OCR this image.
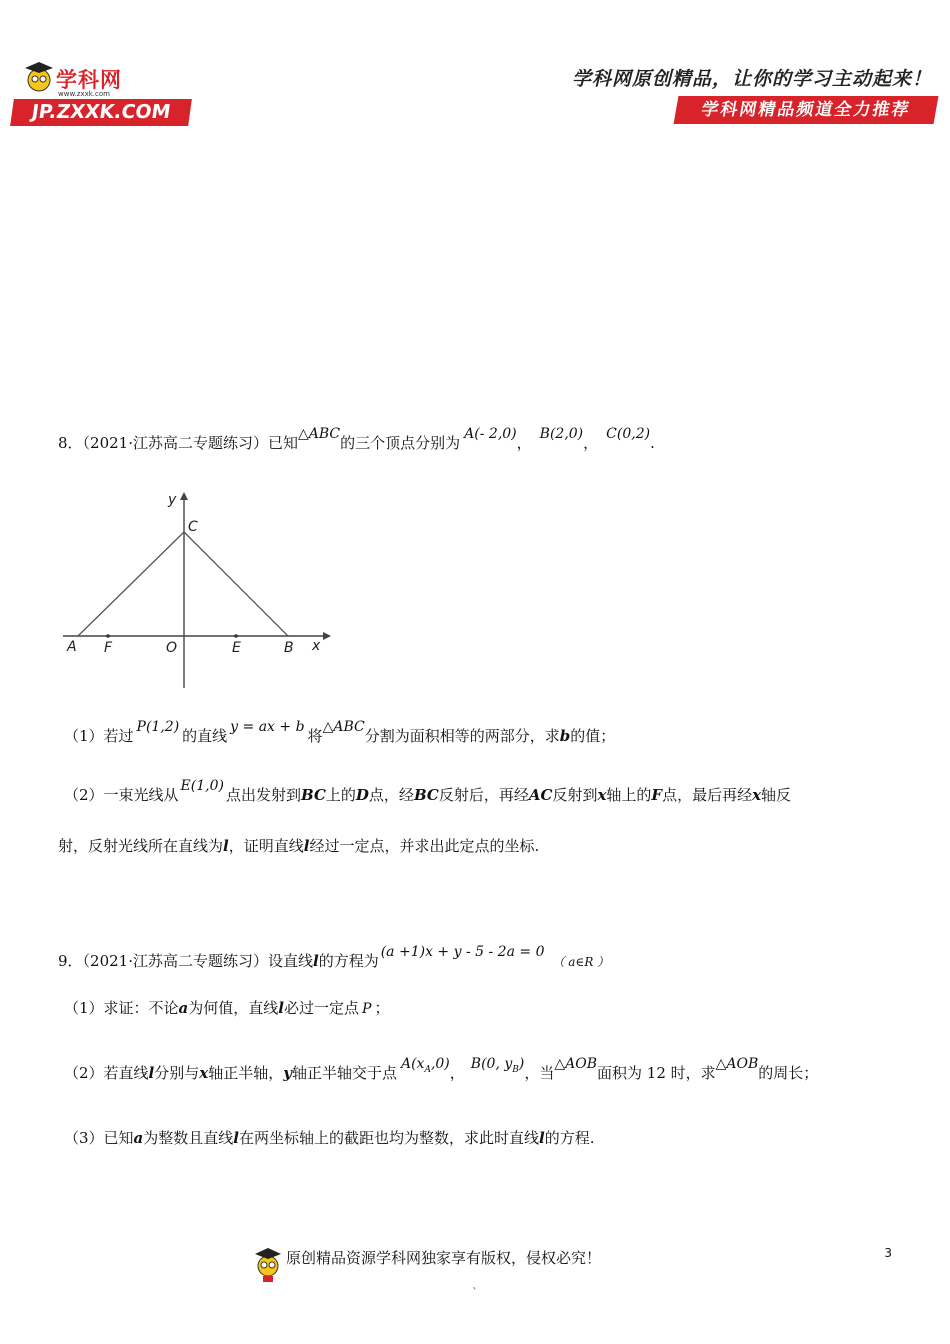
学科网
www.zxxk.com
JP.ZXXK.COM
学科网原创精品，让你的学习主动起来！
学科网精品频道全力推荐
8．（2021·江苏高二专题练习）已知△ABC的三个顶点分别为 A(- 2,0)， B(2,0)， C(0,2).
y
C
A F	O	E	B x
（1）若过 P(1,2) 的直线 y = ax + b 将△ABC分割为面积相等的两部分，求b的值；
（2）一束光线从 E(1,0) 点出发射到BC上的D点，经BC反射后，再经AC反射到x轴上的F点，最后再经x轴反
射，反射光线所在直线为l，证明直线l经过一定点，并求出此定点的坐标.
9．（2021·江苏高二专题练习）设直线l的方程为 (a +1)x + y - 5 - 2a = 0（ a∈R ）
（1）求证：不论a为何值，直线l必过一定点 P ；
（2）若直线l分别与x轴正半轴，y轴正半轴交于点 $A(x_A,0)$， B(0, $y_B$)，当△AOB面积为 12 时，求△AOB的周长；
（3）已知a为整数且直线l在两坐标轴上的截距也均为整数，求此时直线l的方程.
原创精品资源学科网独家享有版权，侵权必究！	3
`
